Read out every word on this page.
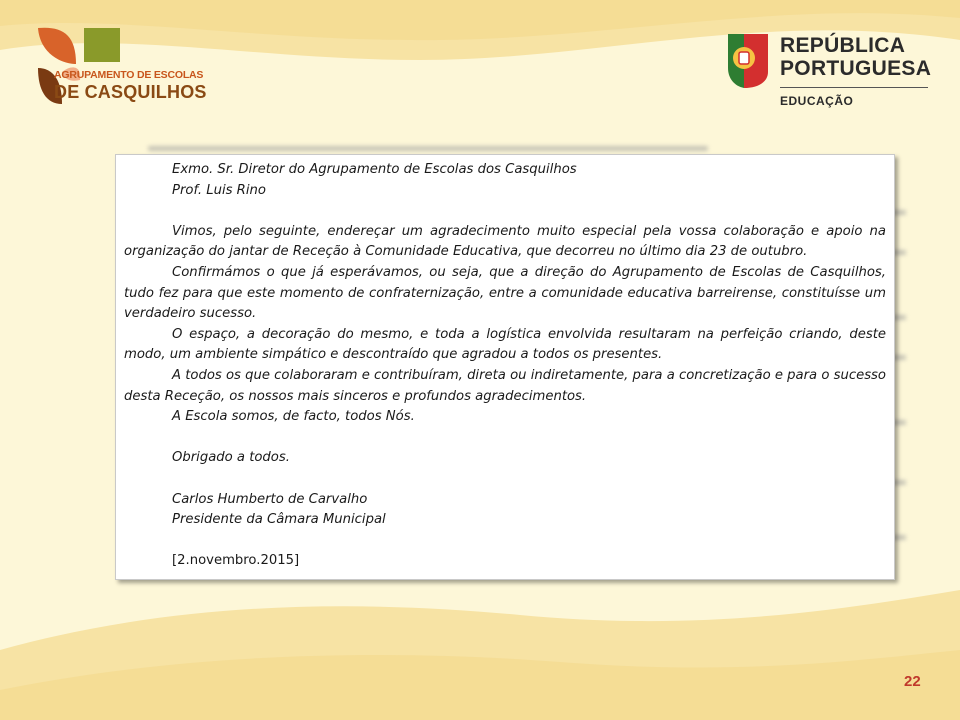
AGRUPAMENTO DE ESCOLAS
DE CASQUILHOS
REPÚBLICA
PORTUGUESA
EDUCAÇÃO

Exmo. Sr. Diretor do Agrupamento de Escolas dos Casquilhos

Prof. Luis Rino

Vimos, pelo seguinte, endereçar um agradecimento muito especial pela vossa colaboração e apoio na organização do jantar de Receção à Comunidade Educativa, que decorreu no último dia 23 de outubro.

Confirmámos o que já esperávamos, ou seja, que a direção do Agrupamento de Escolas de Casquilhos, tudo fez para que este momento de confraternização, entre a comunidade educativa barreirense, constituísse um verdadeiro sucesso.

O espaço, a decoração do mesmo, e toda a logística envolvida resultaram na perfeição criando, deste modo, um ambiente simpático e descontraído que agradou a todos os presentes.

A todos os que colaboraram e contribuíram, direta ou indiretamente, para a concretização e para o sucesso desta Receção, os nossos mais sinceros e profundos agradecimentos.

A Escola somos, de facto, todos Nós.

Obrigado a todos.

Carlos Humberto de Carvalho

Presidente da Câmara Municipal

[2.novembro.2015]

22
